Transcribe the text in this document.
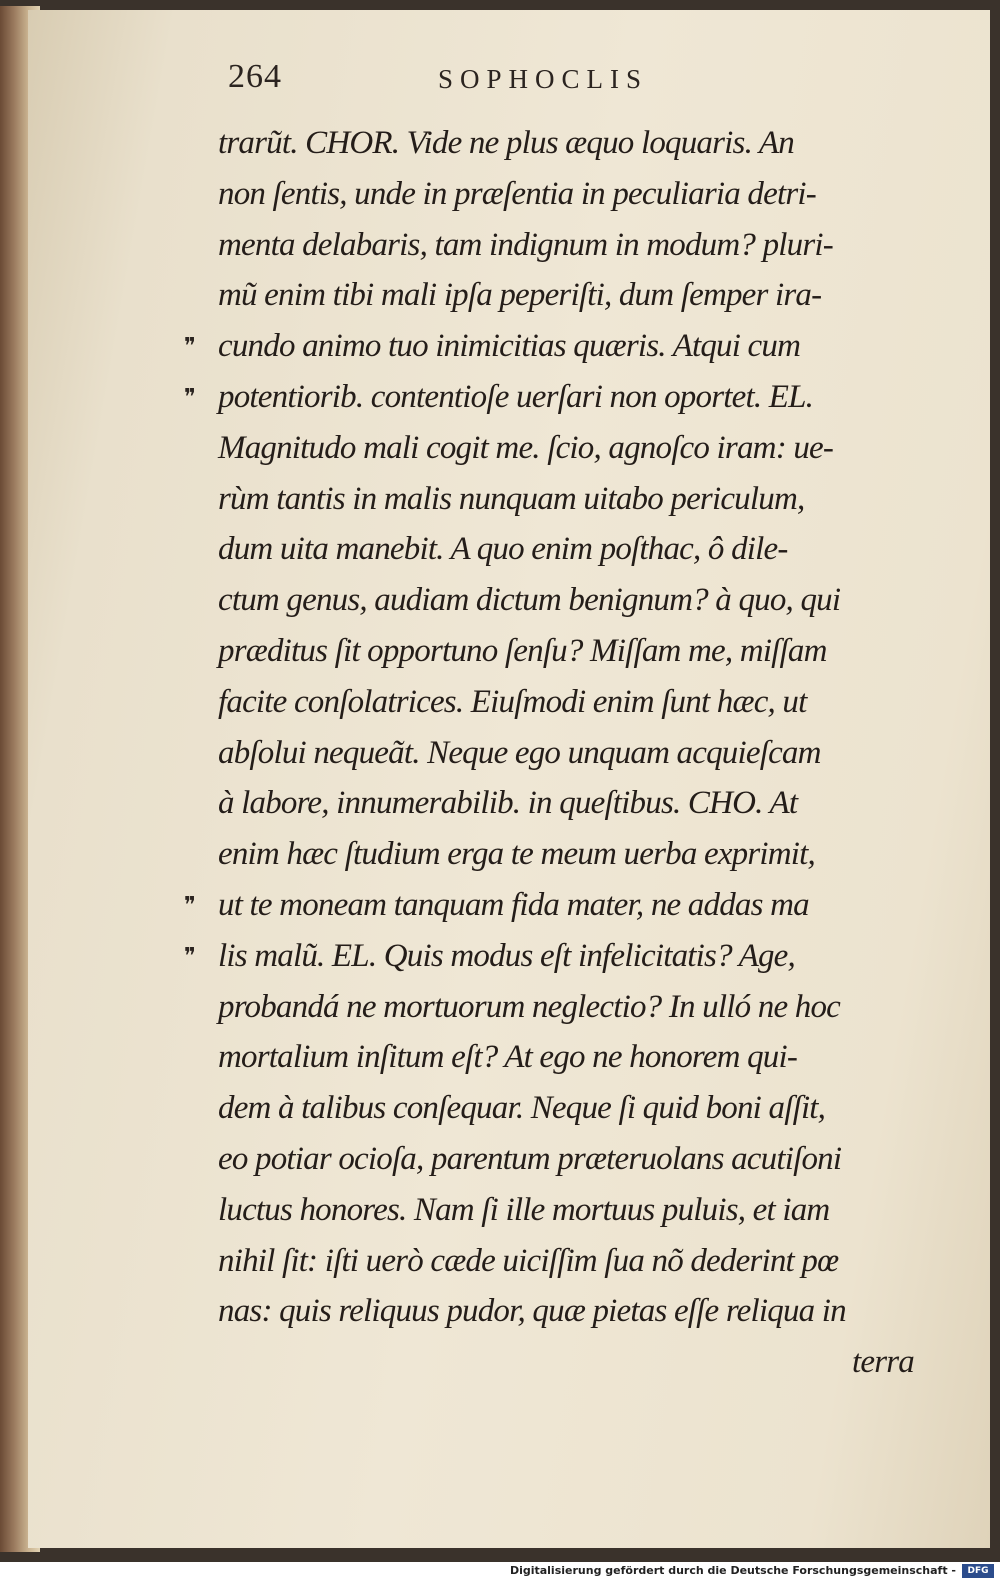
264	SOPHOCLIS
trarũt. CHOR. Vide ne plus æquo loquaris. An
non ſentis, unde in præſentia in peculiaria detri-
menta delabaris, tam indignum in modum? pluri-
mũ enim tibi mali ipſa peperiſti, dum ſemper ira-
❞ cundo animo tuo inimicitias quæris. Atqui cum
❞ potentiorib. contentioſe uerſari non oportet. EL.
Magnitudo mali cogit me. ſcio, agnoſco iram: ue-
rùm tantis in malis nunquam uitabo periculum,
dum uita manebit. A quo enim poſthac, ô dile-
ctum genus, audiam dictum benignum? à quo, qui
præditus ſit opportuno ſenſu? Miſſam me, miſſam
facite conſolatrices. Eiuſmodi enim ſunt hæc, ut
abſolui nequeãt. Neque ego unquam acquieſcam
à labore, innumerabilib. in queſtibus. CHO. At
enim hæc ſtudium erga te meum uerba exprimit,
❞ ut te moneam tanquam fida mater, ne addas ma
❞ lis malũ. EL. Quis modus eſt infelicitatis? Age,
probandá ne mortuorum neglectio? In ulló ne hoc
mortalium inſitum eſt? At ego ne honorem qui-
dem à talibus conſequar. Neque ſi quid boni aſſit,
eo potiar ocioſa, parentum præteruolans acutiſoni
luctus honores. Nam ſi ille mortuus puluis, et iam
nihil ſit: iſti uerò cæde uiciſſim ſua nõ dederint pœ
nas: quis reliquus pudor, quæ pietas eſſe reliqua in
terra
Digitalisierung gefördert durch die Deutsche Forschungsgemeinschaft -	DFG
